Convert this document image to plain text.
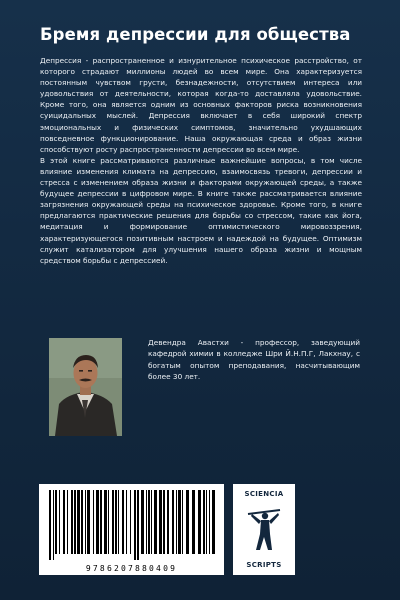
Бремя депрессии для общества

Депрессия - распространенное и изнурительное психическое расстройство, от которого страдают миллионы людей во всем мире. Она характеризуется постоянным чувством грусти, безнадежности, отсутствием интереса или удовольствия от деятельности, которая когда-то доставляла удовольствие. Кроме того, она является одним из основных факторов риска возникновения суицидальных мыслей. Депрессия включает в себя широкий спектр эмоциональных и физических симптомов, значительно ухудшающих повседневное функционирование. Наша окружающая среда и образ жизни способствуют росту распространенности депрессии во всем мире.

В этой книге рассматриваются различные важнейшие вопросы, в том числе влияние изменения климата на депрессию, взаимосвязь тревоги, депрессии и стресса с изменением образа жизни и факторами окружающей среды, а также будущее депрессии в цифровом мире. В книге также рассматривается влияние загрязнения окружающей среды на психическое здоровье. Кроме того, в книге предлагаются практические решения для борьбы со стрессом, такие как йога, медитация и формирование оптимистического мировоззрения, характеризующегося позитивным настроем и надеждой на будущее. Оптимизм служит катализатором для улучшения нашего образа жизни и мощным средством борьбы с депрессией.

Девендра Авастхи - профессор, заведующий кафедрой химии в колледже Шри Й.Н.П.Г, Лакхнау, с богатым опытом преподавания, насчитывающим более 30 лет.
9786207880409
SCIENCIA
SCRIPTS
